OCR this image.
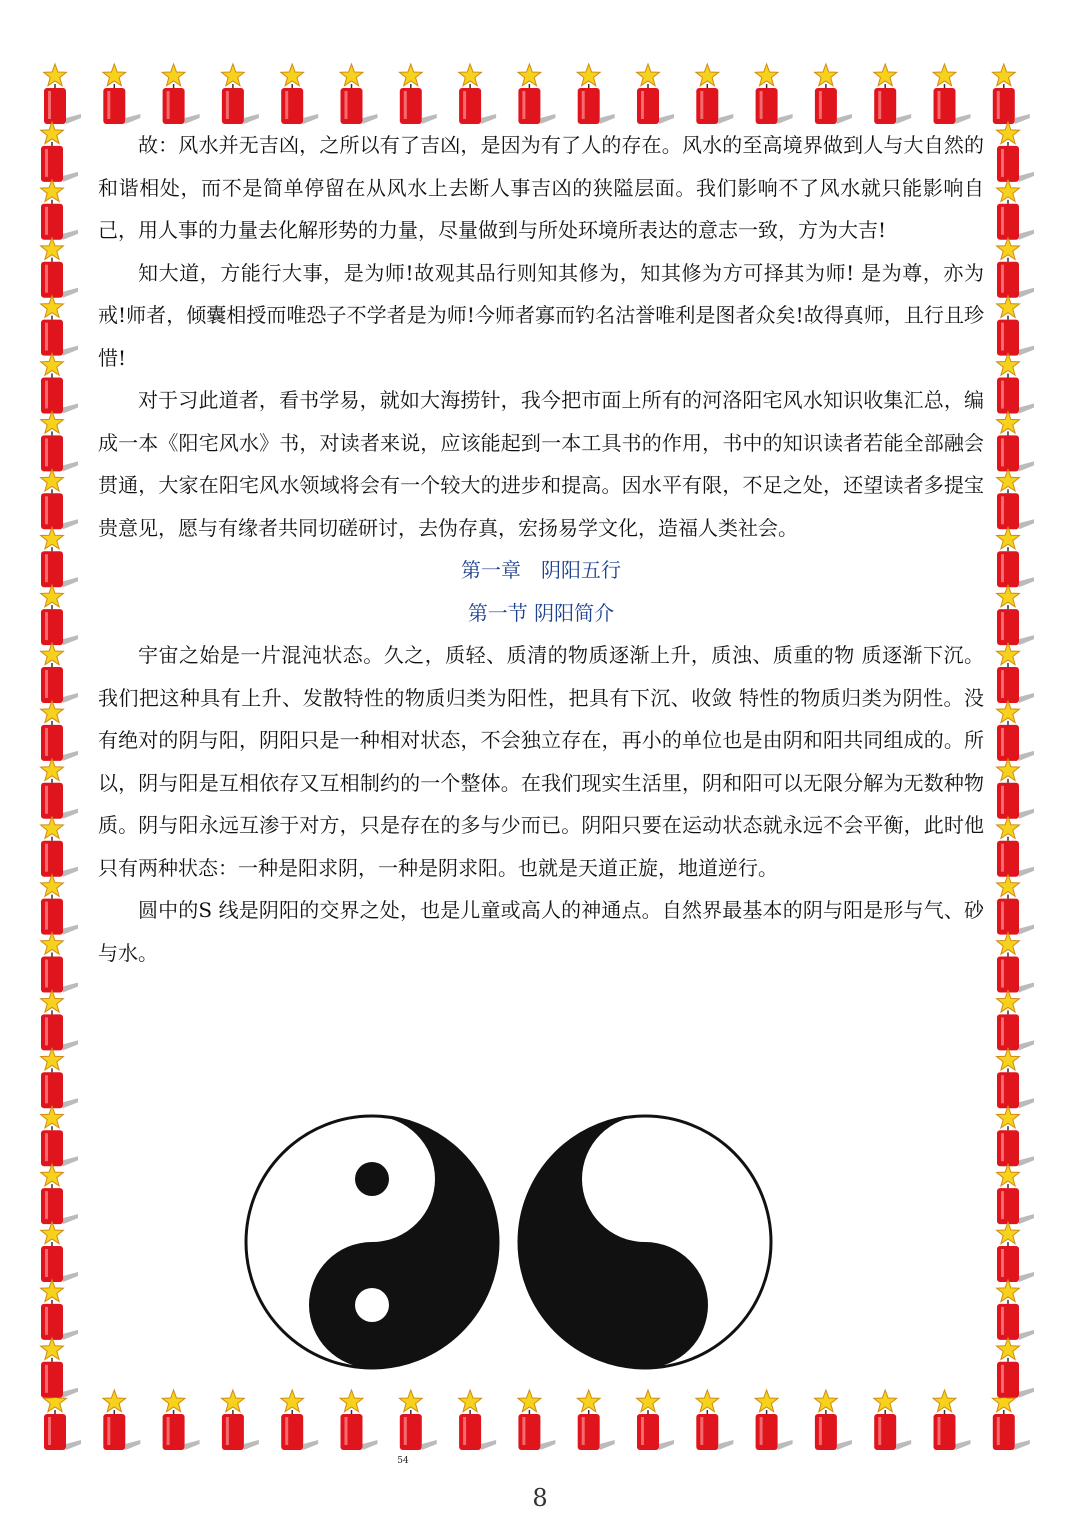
故：风水并无吉凶，之所以有了吉凶，是因为有了人的存在。风水的至高境界做到人与大自然的和谐相处，而不是简单停留在从风水上去断人事吉凶的狭隘层面。我们影响不了风水就只能影响自己，用人事的力量去化解形势的力量，尽量做到与所处环境所表达的意志一致，方为大吉!

知大道，方能行大事，是为师!故观其品行则知其修为，知其修为方可择其为师! 是为尊，亦为戒!师者，倾囊相授而唯恐子不学者是为师!今师者寡而钓名沽誉唯利是图者众矣!故得真师，且行且珍惜!

对于习此道者，看书学易，就如大海捞针，我今把市面上所有的河洛阳宅风水知识收集汇总，编成一本《阳宅风水》书，对读者来说，应该能起到一本工具书的作用，书中的知识读者若能全部融会贯通，大家在阳宅风水领域将会有一个较大的进步和提高。因水平有限，不足之处，还望读者多提宝贵意见，愿与有缘者共同切磋研讨，去伪存真，宏扬易学文化，造福人类社会。

第一章　阴阳五行

第一节 阴阳简介

宇宙之始是一片混沌状态。久之，质轻、质清的物质逐渐上升，质浊、质重的物 质逐渐下沉。我们把这种具有上升、发散特性的物质归类为阳性，把具有下沉、收敛 特性的物质归类为阴性。没有绝对的阴与阳，阴阳只是一种相对状态，不会独立存在，再小的单位也是由阴和阳共同组成的。所以，阴与阳是互相依存又互相制约的一个整体。在我们现实生活里，阴和阳可以无限分解为无数种物质。阴与阳永远互渗于对方，只是存在的多与少而已。阴阳只要在运动状态就永远不会平衡，此时他只有两种状态：一种是阳求阴，一种是阴求阳。也就是天道正旋，地道逆行。

圆中的S 线是阴阳的交界之处，也是儿童或高人的神通点。自然界最基本的阴与阳是形与气、砂与水。

54
8
